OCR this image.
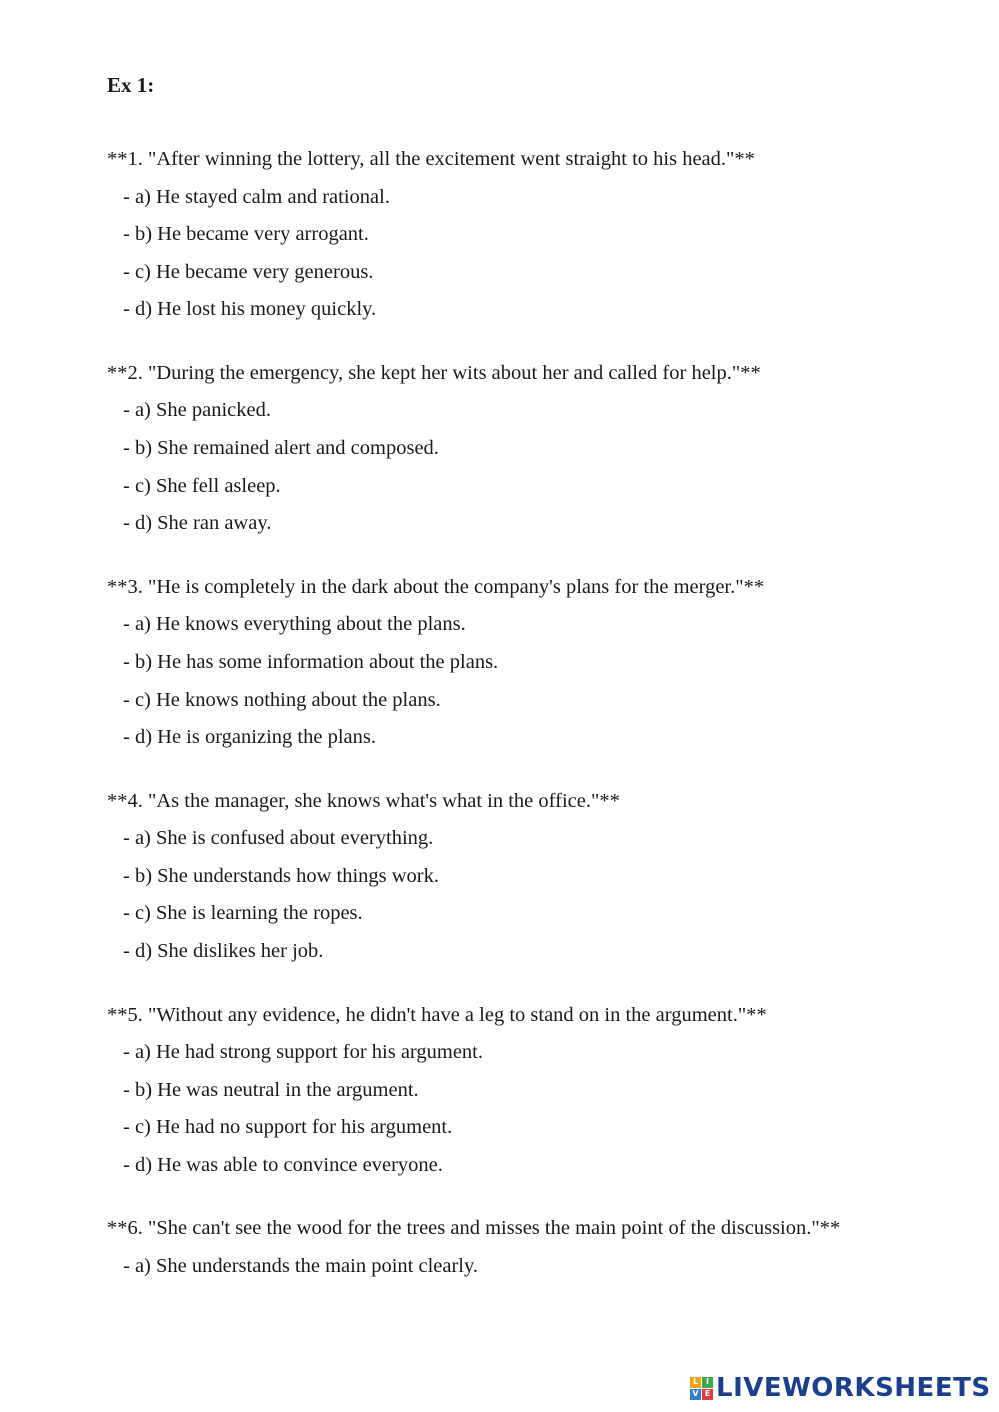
Ex 1:
**1. "After winning the lottery, all the excitement went straight to his head."**
- a) He stayed calm and rational.
- b) He became very arrogant.
- c) He became very generous.
- d) He lost his money quickly.
**2. "During the emergency, she kept her wits about her and called for help."**
- a) She panicked.
- b) She remained alert and composed.
- c) She fell asleep.
- d) She ran away.
**3. "He is completely in the dark about the company's plans for the merger."**
- a) He knows everything about the plans.
- b) He has some information about the plans.
- c) He knows nothing about the plans.
- d) He is organizing the plans.
**4. "As the manager, she knows what's what in the office."**
- a) She is confused about everything.
- b) She understands how things work.
- c) She is learning the ropes.
- d) She dislikes her job.
**5. "Without any evidence, he didn't have a leg to stand on in the argument."**
- a) He had strong support for his argument.
- b) He was neutral in the argument.
- c) He had no support for his argument.
- d) He was able to convince everyone.
**6. "She can't see the wood for the trees and misses the main point of the discussion."**
- a) She understands the main point clearly.
L I
V E LIVEWORKSHEETS
